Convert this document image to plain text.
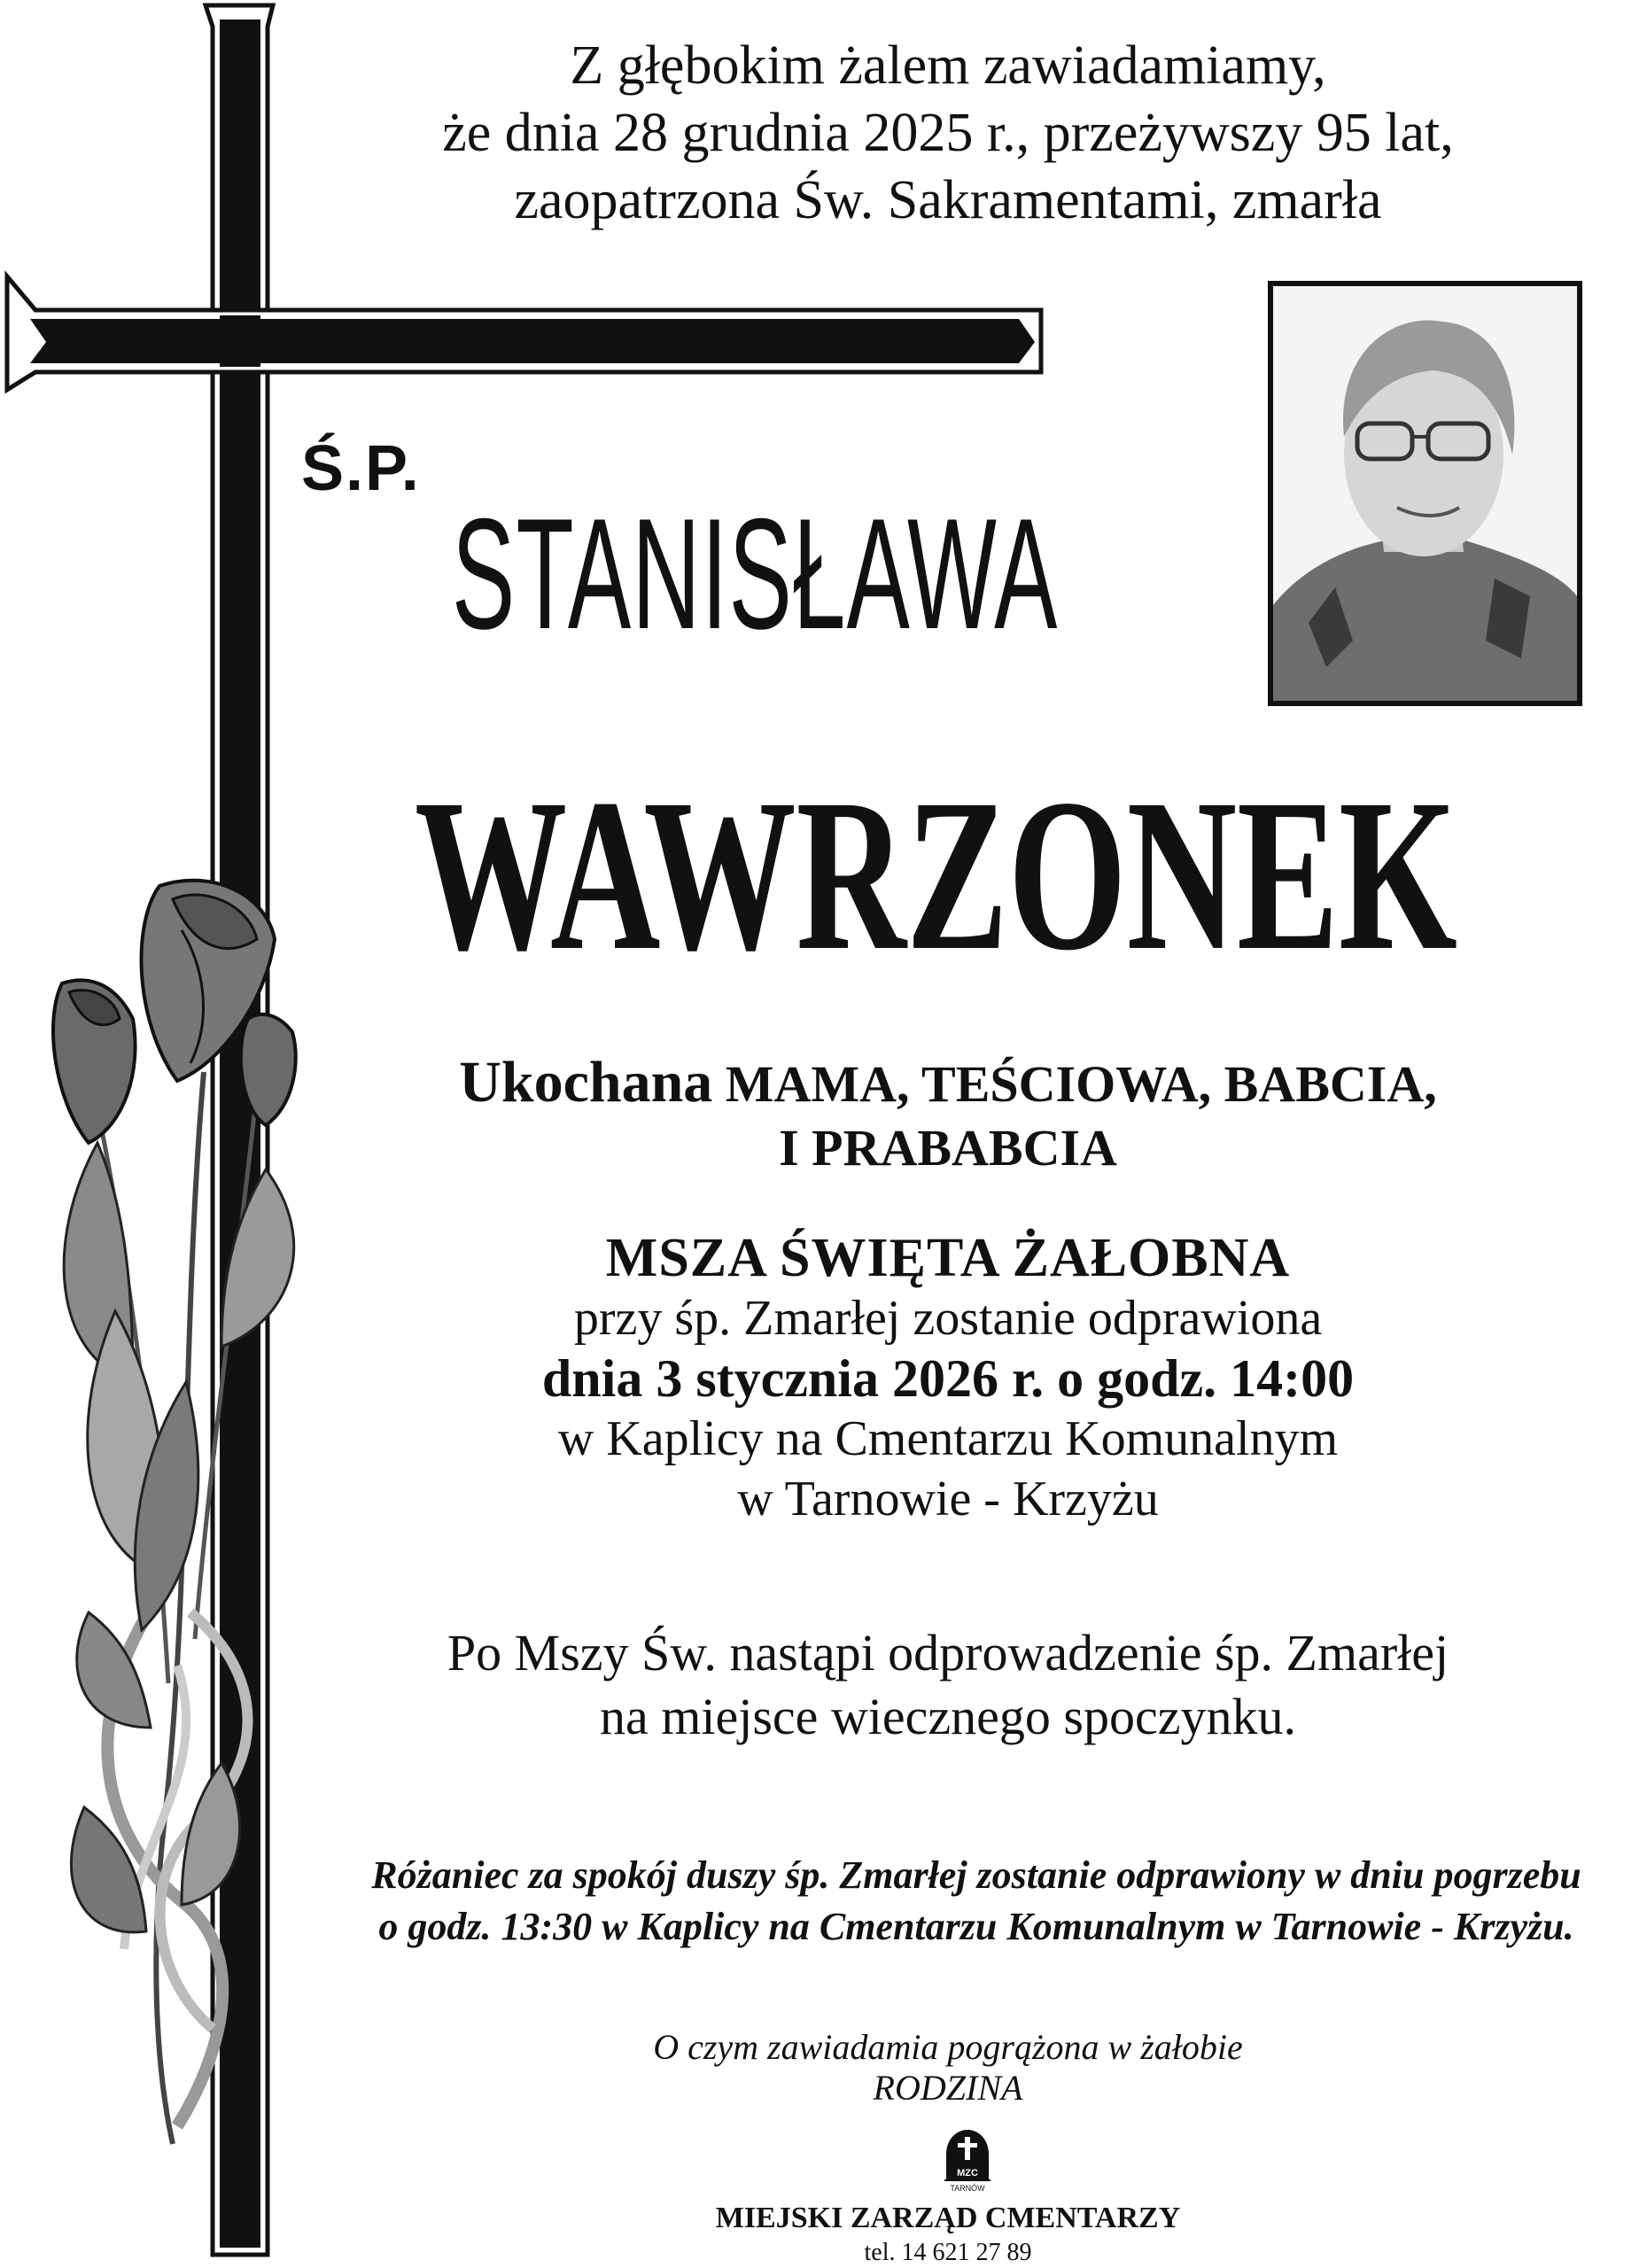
Z głębokim żalem zawiadamiamy,
że dnia 28 grudnia 2025 r., przeżywszy 95 lat,
zaopatrzona Św. Sakramentami, zmarła
Ś.P.
STANISŁAWA
WAWRZONEK
Ukochana MAMA, TEŚCIOWA, BABCIA,
I PRABABCIA
MSZA ŚWIĘTA ŻAŁOBNA
przy śp. Zmarłej zostanie odprawiona
dnia 3 stycznia 2026 r. o godz. 14:00
w Kaplicy na Cmentarzu Komunalnym
w Tarnowie - Krzyżu
Po Mszy Św. nastąpi odprowadzenie śp. Zmarłej
na miejsce wiecznego spoczynku.
Różaniec za spokój duszy śp. Zmarłej zostanie odprawiony w dniu pogrzebu
o godz. 13:30 w Kaplicy na Cmentarzu Komunalnym w Tarnowie - Krzyżu.
O czym zawiadamia pogrążona w żałobie
RODZINA
MZC
TARNÓW
MIEJSKI ZARZĄD CMENTARZY
tel. 14 621 27 89
